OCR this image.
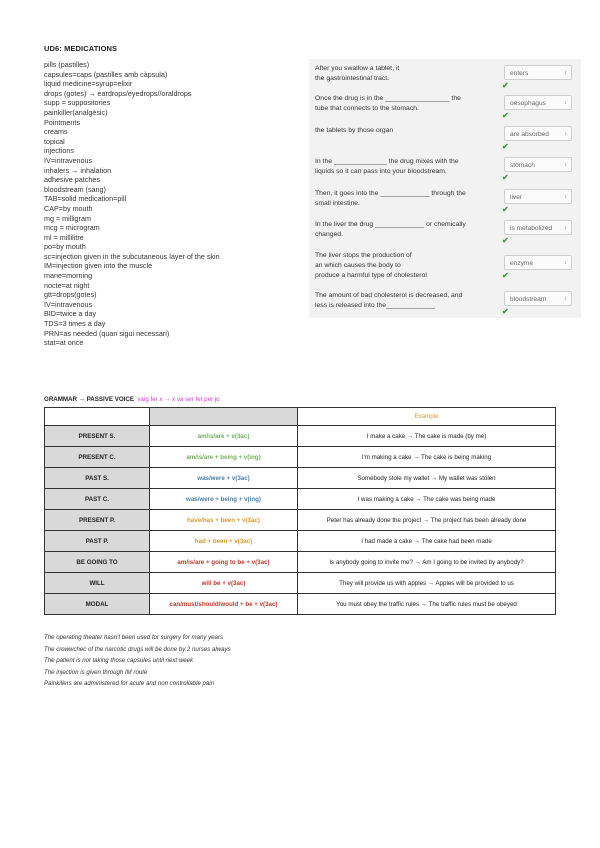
UD6: MEDICATIONS
pills (pastilles)
capsules=caps (pastilles amb càpsula)
liquid medicine=syrup=elixir
drops (gotes) → eardrops/eyedrops//oraldrops
supp = suppositories
painkiller(analgèsic)
Pointments
creams
topical
injections
IV=intravenous
inhalers → inhalation
adhesive patches
bloodstream (sang)
TAB=solid medication=pill
CAP=by mouth
mg = milligram
mcg = microgram
ml = millilitre
po=by mouth
sc=injection given in the subcutaneous layer of the skin
IM=injection given into the muscle
mane=morning
nocte=at night
gtt=drops(gotes)
IV=intravenous
BID=twice a day
TDS=3 times a day
PRN=as needed (quan sigui necessari)
stat=at once
After you swallow a tablet, it
the gastrointestinal tract.
enters	↕
✔
Once the drug is in the _________________ the
tube that connects to the stomach.
oesophagus	↕
✔
the tablets by those organ
are absorbed	↕
✔
In the ______________ the drug mixes with the
liquids so it can pass into your bloodstream.
stomach	↕
✔
Then, it goes into the _____________ through the
small intestine.
liver	↕
✔
In the liver the drug _____________ or chemically
changed.
is metabolized ↕
✔
The liver stops the production of
an which causes the body to
produce a harmful type of cholesterol
enzyme	↕
✔
The amount of bad cholesterol is decreased, and
less is released into the_____________
bloodstream	↕
✔
GRAMMAR → PASSIVE VOICE vaig fer x → x va ser fet per jo
		Example
PRESENT S.	am/is/are + v(3ac)	I make a cake → The cake is made (by me)
PRESENT C.	am/is/are + being + v(ing)	I'm making a cake → The cake is being making
PAST S.	was/were + v(3ac)	Somebody stole my wallet → My wallet was stolen
PAST C.	was/were + being + v(ing)	I was making a cake → The cake was being made
PRESENT P.	have/has + been + v(3ac)	Peter has already done the project → The project has been already done
PAST P.	had + been + v(3ac)	I had made a cake → The cake had been made
BE GOING TO	am/is/are + going to be + v(3ac)	Is anybody going to invite me? → Am I going to be invited by anybody?
WILL	will be + v(3ac)	They will provide us with apples → Apples will be provided to us
MODAL	can/must/should/would + be + v(3ac)	You must obey the traffic rules → The traffic rules must be obeyed
The operating theater hasn't been used for surgery for many years
The crowwchec of the narcotic drugs will be done by 2 nurses always
The patient is not taking those capsules until next week
The injection is given through IM route
Painkillers are administered for acute and non controllable pain
